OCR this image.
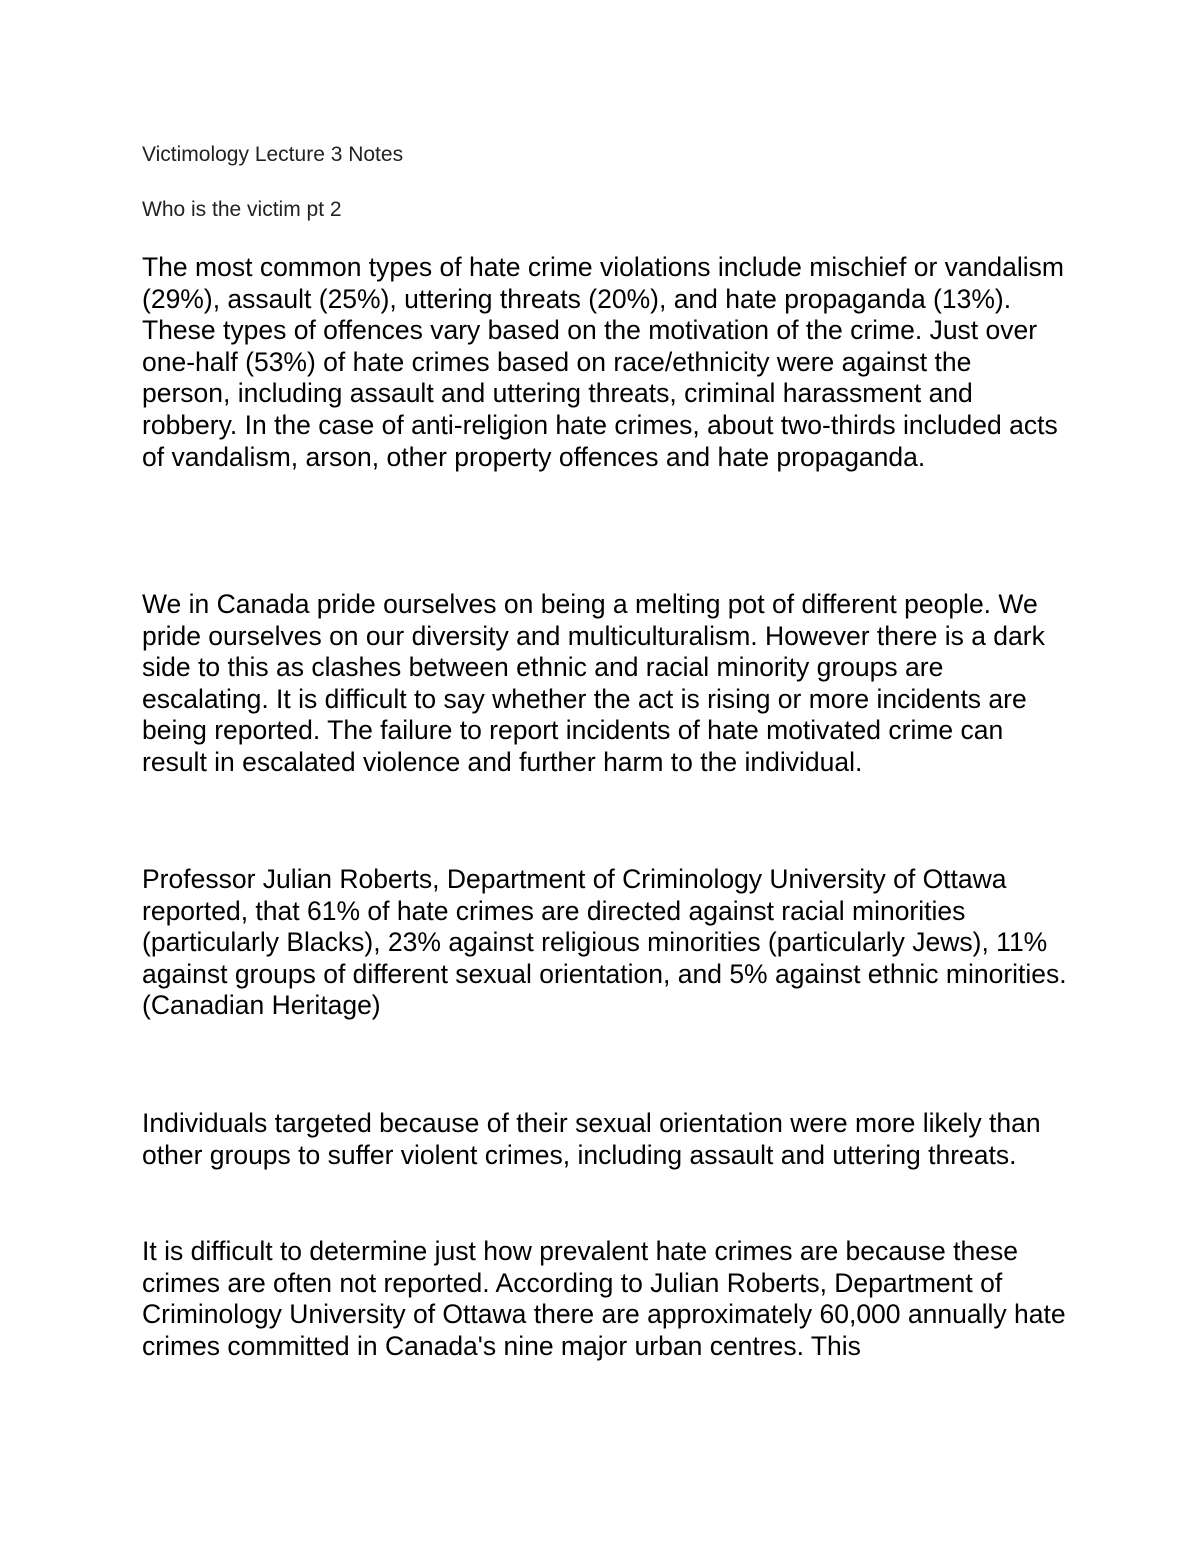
Victimology Lecture 3 Notes

Who is the victim pt 2

The most common types of hate crime violations include mischief or vandalism (29%), assault (25%), uttering threats (20%), and hate propaganda (13%). These types of offences vary based on the motivation of the crime. Just over one-half (53%) of hate crimes based on race/ethnicity were against the person, including assault and uttering threats, criminal harassment and robbery. In the case of anti-religion hate crimes, about two-thirds included acts of vandalism, arson, other property offences and hate propaganda.

We in Canada pride ourselves on being a melting pot of different people. We pride ourselves on our diversity and multiculturalism. However there is a dark side to this as clashes between ethnic and racial minority groups are escalating. It is difficult to say whether the act is rising or more incidents are being reported. The failure to report incidents of hate motivated crime can result in escalated violence and further harm to the individual.

Professor Julian Roberts, Department of Criminology University of Ottawa reported, that 61% of hate crimes are directed against racial minorities (particularly Blacks), 23% against religious minorities (particularly Jews), 11% against groups of different sexual orientation, and 5% against ethnic minorities. (Canadian Heritage)

Individuals targeted because of their sexual orientation were more likely than other groups to suffer violent crimes, including assault and uttering threats.

It is difficult to determine just how prevalent hate crimes are because these crimes are often not reported. According to Julian Roberts, Department of Criminology University of Ottawa there are approximately 60,000 annually hate crimes committed in Canada's nine major urban centres. This
